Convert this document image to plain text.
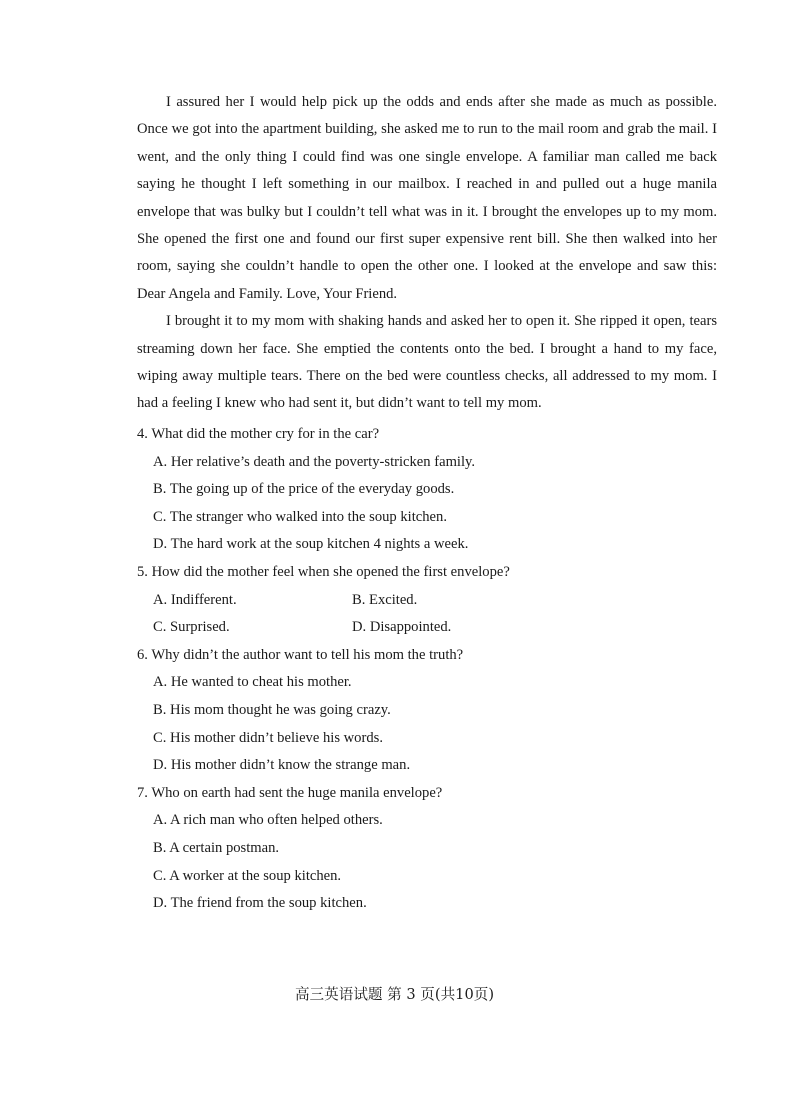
I assured her I would help pick up the odds and ends after she made as much as possible. Once we got into the apartment building, she asked me to run to the mail room and grab the mail. I went, and the only thing I could find was one single envelope. A familiar man called me back saying he thought I left something in our mailbox. I reached in and pulled out a huge manila envelope that was bulky but I couldn’t tell what was in it. I brought the envelopes up to my mom. She opened the first one and found our first super expensive rent bill. She then walked into her room, saying she couldn’t handle to open the other one. I looked at the envelope and saw this: Dear Angela and Family. Love, Your Friend.

I brought it to my mom with shaking hands and asked her to open it. She ripped it open, tears streaming down her face. She emptied the contents onto the bed. I brought a hand to my face, wiping away multiple tears. There on the bed were countless checks, all addressed to my mom. I had a feeling I knew who had sent it, but didn’t want to tell my mom.

4. What did the mother cry for in the car?
A. Her relative’s death and the poverty-stricken family.
B. The going up of the price of the everyday goods.
C. The stranger who walked into the soup kitchen.
D. The hard work at the soup kitchen 4 nights a week.
5. How did the mother feel when she opened the first envelope?
A. Indifferent.	B. Excited.
C. Surprised.	D. Disappointed.
6. Why didn’t the author want to tell his mom the truth?
A. He wanted to cheat his mother.
B. His mom thought he was going crazy.
C. His mother didn’t believe his words.
D. His mother didn’t know the strange man.
7. Who on earth had sent the huge manila envelope?
A. A rich man who often helped others.
B. A certain postman.
C. A worker at the soup kitchen.
D. The friend from the soup kitchen.
高三英语试题 第 3 页(共10页)
